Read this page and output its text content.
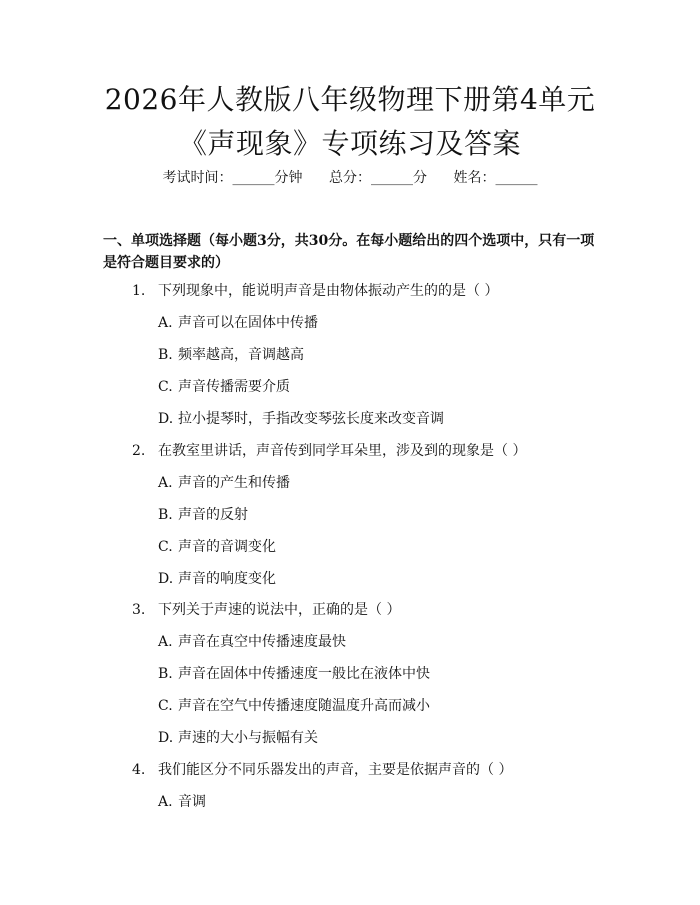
2026年人教版八年级物理下册第4单元《声现象》专项练习及答案
考试时间：______分钟 总分：______分 姓名：______
一、单项选择题（每小题3分，共30分。在每小题给出的四个选项中，只有一项是符合题目要求的）
1. 下列现象中，能说明声音是由物体振动产生的的是（ ）
A. 声音可以在固体中传播
B. 频率越高，音调越高
C. 声音传播需要介质
D. 拉小提琴时，手指改变琴弦长度来改变音调
2. 在教室里讲话，声音传到同学耳朵里，涉及到的现象是（ ）
A. 声音的产生和传播
B. 声音的反射
C. 声音的音调变化
D. 声音的响度变化
3. 下列关于声速的说法中，正确的是（ ）
A. 声音在真空中传播速度最快
B. 声音在固体中传播速度一般比在液体中快
C. 声音在空气中传播速度随温度升高而减小
D. 声速的大小与振幅有关
4. 我们能区分不同乐器发出的声音，主要是依据声音的（ ）
A. 音调
